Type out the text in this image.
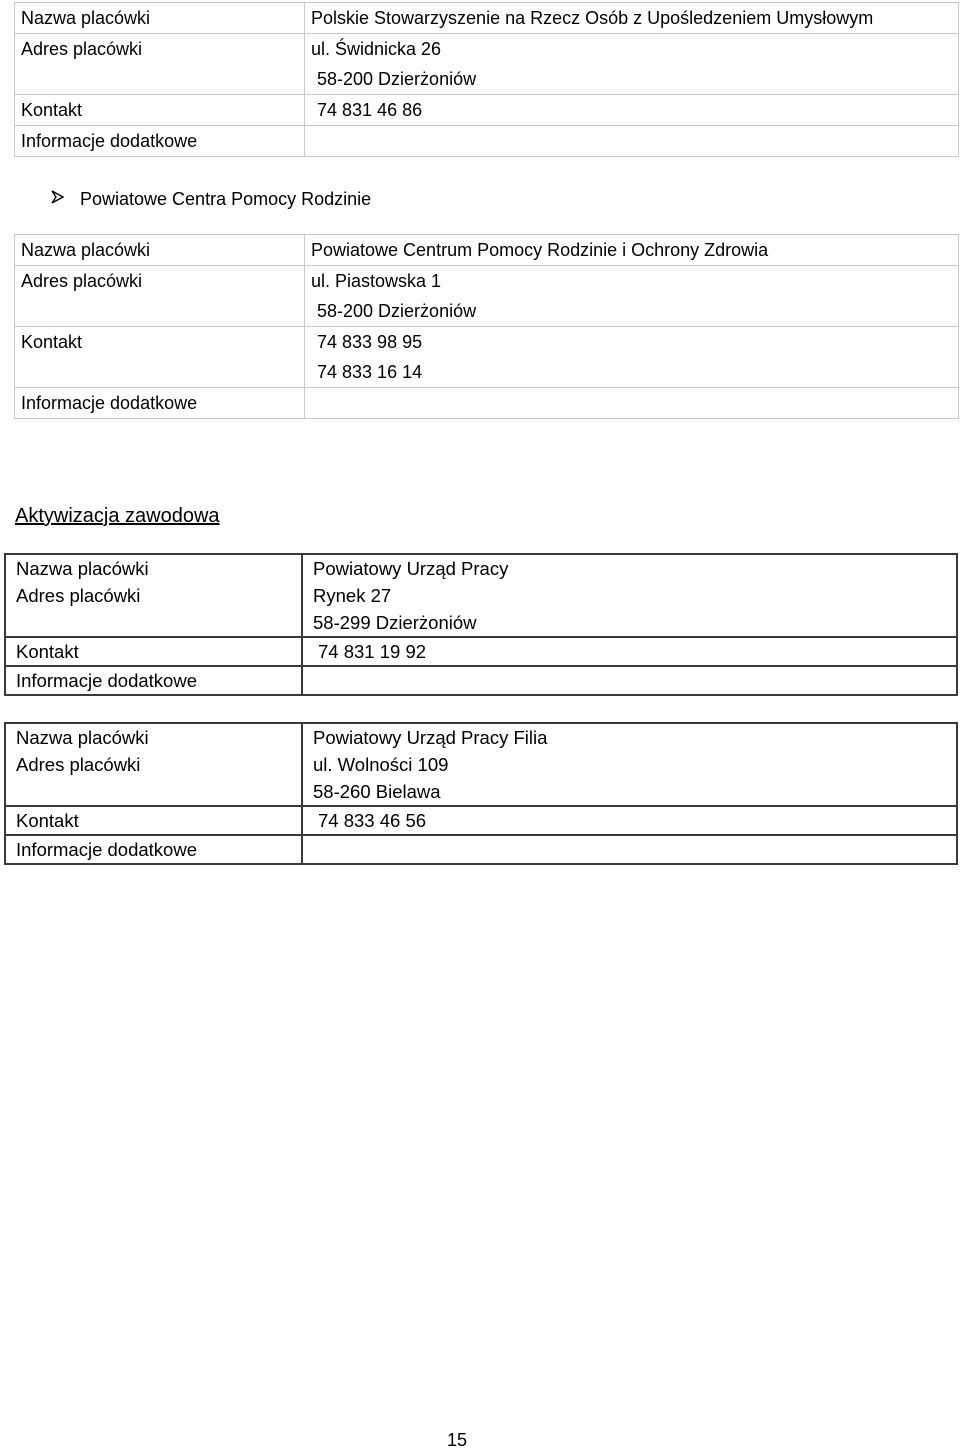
Nazwa placówki	Polskie Stowarzyszenie na Rzecz Osób z Upośledzeniem Umysłowym
Adres placówki	ul. Świdnicka 26
58-200 Dzierżoniów

Kontakt	74 831 46 86
Informacje dodatkowe	
Powiatowe Centra Pomocy Rodzinie
Nazwa placówki	Powiatowe Centrum Pomocy Rodzinie i Ochrony Zdrowia
Adres placówki	ul. Piastowska 1
58-200 Dzierżoniów

Kontakt	74 833 98 95
74 833 16 14

Informacje dodatkowe	
Aktywizacja zawodowa
Nazwa placówki	Powiatowy Urząd Pracy
Adres placówki	Rynek 27
58-299 Dzierżoniów

Kontakt	74 831 19 92
Informacje dodatkowe	
Nazwa placówki	Powiatowy Urząd Pracy Filia
Adres placówki	ul. Wolności 109
58-260 Bielawa

Kontakt	74 833 46 56
Informacje dodatkowe	
15
